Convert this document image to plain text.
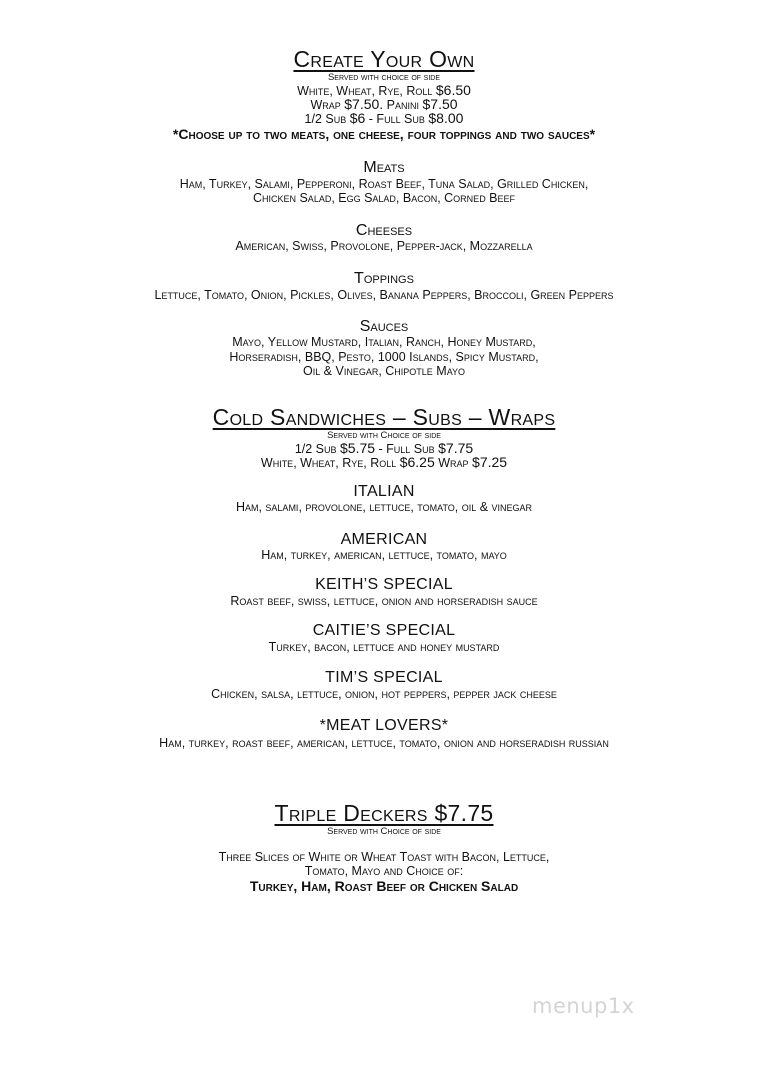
Create Your Own
Served with choice of side
White, Wheat, Rye, Roll $6.50
Wrap $7.50. Panini $7.50
1/2 Sub $6 - Full Sub $8.00
*Choose up to two meats, one cheese, four toppings and two sauces*
Meats
Ham, Turkey, Salami, Pepperoni, Roast Beef, Tuna Salad, Grilled Chicken,
Chicken Salad, Egg Salad, Bacon, Corned Beef
Cheeses
American, Swiss, Provolone, Pepper-jack, Mozzarella
Toppings
Lettuce, Tomato, Onion, Pickles, Olives, Banana Peppers, Broccoli, Green Peppers
Sauces
Mayo, Yellow Mustard, Italian, Ranch, Honey Mustard,
Horseradish, BBQ, Pesto, 1000 Islands, Spicy Mustard,
Oil & Vinegar, Chipotle Mayo
Cold Sandwiches – Subs – Wraps
Served with Choice of side
1/2 Sub $5.75 - Full Sub $7.75
White, Wheat, Rye, Roll $6.25 Wrap $7.25
ITALIAN
Ham, salami, provolone, lettuce, tomato, oil & vinegar
AMERICAN
Ham, turkey, american, lettuce, tomato, mayo
KEITH’S SPECIAL
Roast beef, swiss, lettuce, onion and horseradish sauce
CAITIE’S SPECIAL
Turkey, bacon, lettuce and honey mustard
TIM’S SPECIAL
Chicken, salsa, lettuce, onion, hot peppers, pepper jack cheese
*MEAT LOVERS*
Ham, turkey, roast beef, american, lettuce, tomato, onion and horseradish russian
Triple Deckers $7.75
Served with Choice of side
Three Slices of White or Wheat Toast with Bacon, Lettuce,
Tomato, Mayo and Choice of:
Turkey, Ham, Roast Beef or Chicken Salad
menup1x
